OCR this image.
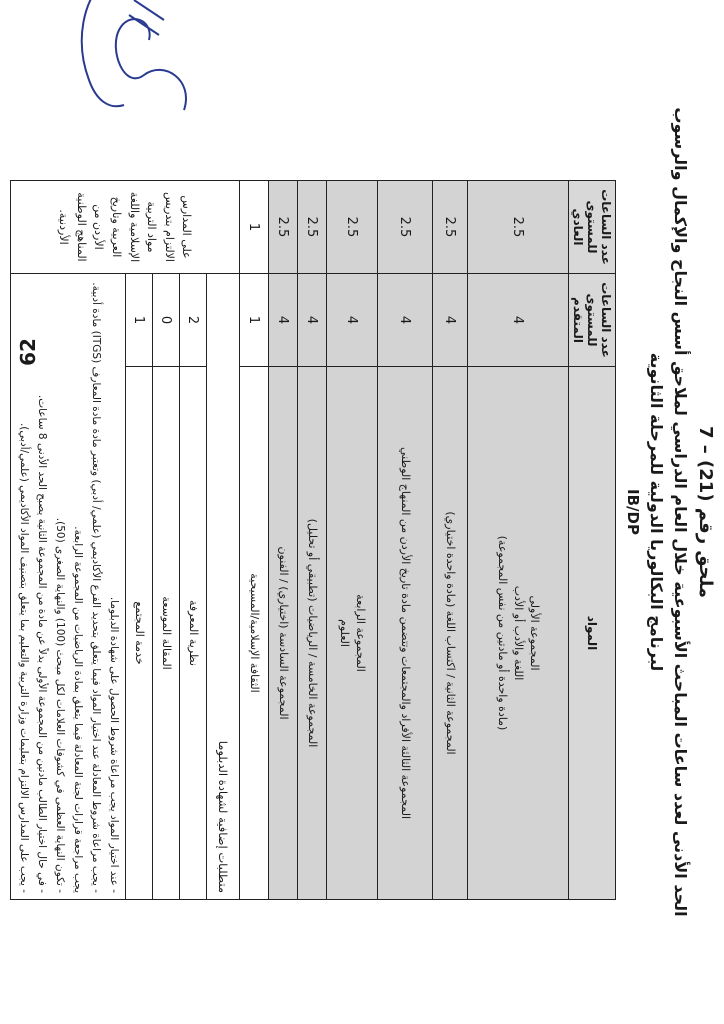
ملحق رقم (21) – 7
الحد الأدنى لعدد ساعات المباحث الأسبوعية خلال العام الدراسي لملاحق أسس النجاح والإكمال والرسوب
لبرنامج البكالوريا الدولية للمرحلة الثانوية
IB/DP
المواد	عدد الساعات للمستوى المتقدم	عدد الساعات للمستوى العادي
المجموعة الأولى
اللغة والأدب أو الأدب
(مادة واحدة أو مادتين من نفس المجموعة)	4	2.5
المجموعة الثانية / اكتساب اللغة (مادة واحدة اختياري)	4	2.5
المجموعة الثالثة الأفراد والمجتمعات وتتضمن مادة تاريخ الأردن من المنهاج الوطني	4	2.5
المجموعة الرابعة
العلوم	4	2.5
المجموعة الخامسة / الرياضيات (تطبيقي أو تحليل)	4	2.5
المجموعة السادسة (اختياري) / الفنون	4	2.5
الثقافة الإسلامية/المسيحية	1	1
متطلبات إضافية لشهادة الدبلوما		على المدارس الالتزام بتدريس مواد التربية الإسلامية واللغة العربية وتاريخ الأردن من المناهج الوطنية الأردنية.
نظرية المعرفة	2	
المقالة الموسعة	0	
خدمة المجتمع	1	

- عند اختيار المواد يجب مراعاة شروط الحصول على شهادة الدبلوما.
- يجب مراعاة شروط المعادلة عند اختيار المواد فيما يتعلق بتحديد الفرع الأكاديمي (علمي/ أدبي) وتعتبر مادة مادة المعارف (ITGS) مادة أدبية. يجب مراجعة قرارات لجنة المعادلة فيما يتعلق بمادة الرياضيات من المجموعة الرابعة.
- تكون النهاية العظمى في كشوفات العلامات لكل مبحث (100) والنهاية الصغرى (50).
- في حال اختيار الطالب مادتين من المجموعة الأولى بدلاً عن مادة من المجموعة الثانية يصبح الحد الأدنى 8 ساعات.
- يجب على المدارس الالتزام بتعليمات وزارة التربية والتعليم بما يتعلق بتصنيف المواد الأكاديمي (علمي/أدبي).		
62
